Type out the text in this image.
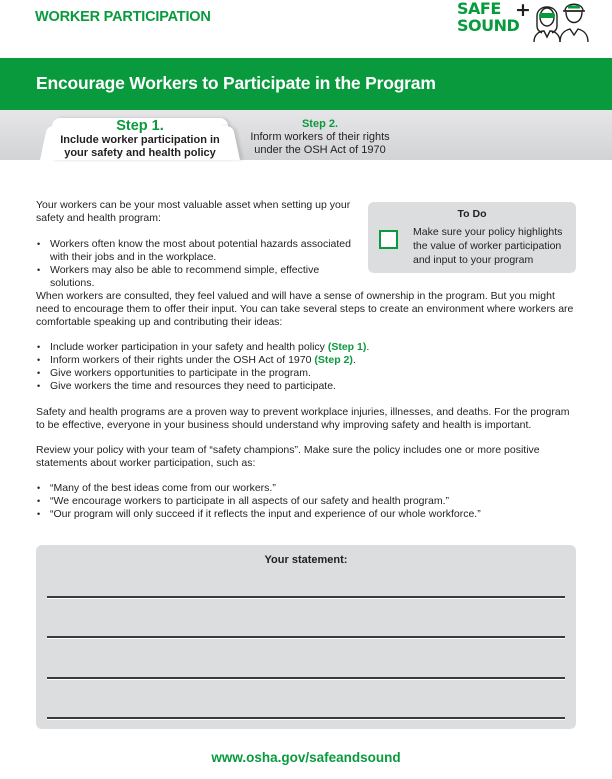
WORKER PARTICIPATION	SAFE
SOUND
+
Encourage Workers to Participate in the Program
Step 1.
Include worker participation in
your safety and health policy
Step 2.
Inform workers of their rights
under the OSH Act of 1970

Your workers can be your most valuable asset when setting up your safety and health program:

• Workers often know the most about potential hazards associated with their jobs and in the workplace.
• Workers may also be able to recommend simple, effective solutions.
To Do
Make sure your policy highlights the value of worker participation and input to your program

When workers are consulted, they feel valued and will have a sense of ownership in the program. But you might need to encourage them to offer their input. You can take several steps to create an environment where workers are comfortable speaking up and contributing their ideas:

• Include worker participation in your safety and health policy (Step 1).
• Inform workers of their rights under the OSH Act of 1970 (Step 2).
• Give workers opportunities to participate in the program.
• Give workers the time and resources they need to participate.

Safety and health programs are a proven way to prevent workplace injuries, illnesses, and deaths. For the program to be effective, everyone in your business should understand why improving safety and health is important.

Review your policy with your team of “safety champions”. Make sure the policy includes one or more positive statements about worker participation, such as:

• “Many of the best ideas come from our workers.”
• “We encourage workers to participate in all aspects of our safety and health program.”
• “Our program will only succeed if it reflects the input and experience of our whole workforce.”
Your statement:
www.osha.gov/safeandsound
